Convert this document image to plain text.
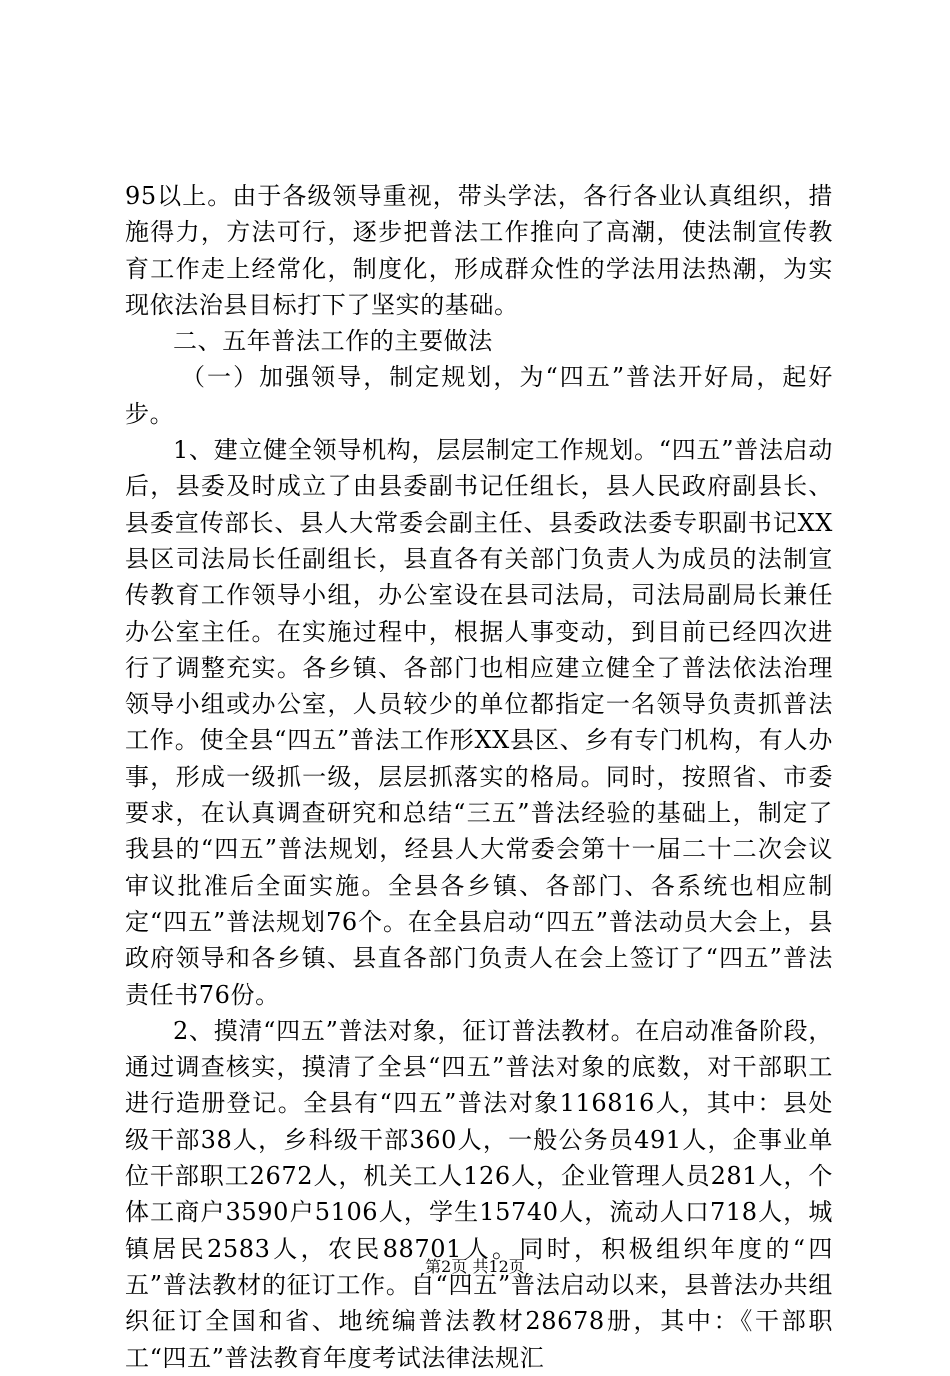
95以上。由于各级领导重视，带头学法，各行各业认真组织，措施得力，方法可行，逐步把普法工作推向了高潮，使法制宣传教育工作走上经常化，制度化，形成群众性的学法用法热潮，为实现依法治县目标打下了坚实的基础。

二、五年普法工作的主要做法

（一）加强领导，制定规划，为“四五”普法开好局，起好步。

1、建立健全领导机构，层层制定工作规划。“四五”普法启动后，县委及时成立了由县委副书记任组长，县人民政府副县长、县委宣传部长、县人大常委会副主任、县委政法委专职副书记XX县区司法局长任副组长，县直各有关部门负责人为成员的法制宣传教育工作领导小组，办公室设在县司法局，司法局副局长兼任办公室主任。在实施过程中，根据人事变动，到目前已经四次进行了调整充实。各乡镇、各部门也相应建立健全了普法依法治理领导小组或办公室，人员较少的单位都指定一名领导负责抓普法工作。使全县“四五”普法工作形XX县区、乡有专门机构，有人办事，形成一级抓一级，层层抓落实的格局。同时，按照省、市委要求，在认真调查研究和总结“三五”普法经验的基础上，制定了我县的“四五”普法规划，经县人大常委会第十一届二十二次会议审议批准后全面实施。全县各乡镇、各部门、各系统也相应制定“四五”普法规划76个。在全县启动“四五”普法动员大会上，县政府领导和各乡镇、县直各部门负责人在会上签订了“四五”普法责任书76份。

2、摸清“四五”普法对象，征订普法教材。在启动准备阶段，通过调查核实，摸清了全县“四五”普法对象的底数，对干部职工进行造册登记。全县有“四五”普法对象116816人，其中：县处级干部38人，乡科级干部360人，一般公务员491人，企事业单位干部职工2672人，机关工人126人，企业管理人员281人，个体工商户3590户5106人，学生15740人，流动人口718人，城镇居民2583人，农民88701人。同时，积极组织年度的“四五”普法教材的征订工作。自“四五”普法启动以来，县普法办共组织征订全国和省、地统编普法教材28678册，其中：《干部职工“四五”普法教育年度考试法律法规汇

第2页 共12页
